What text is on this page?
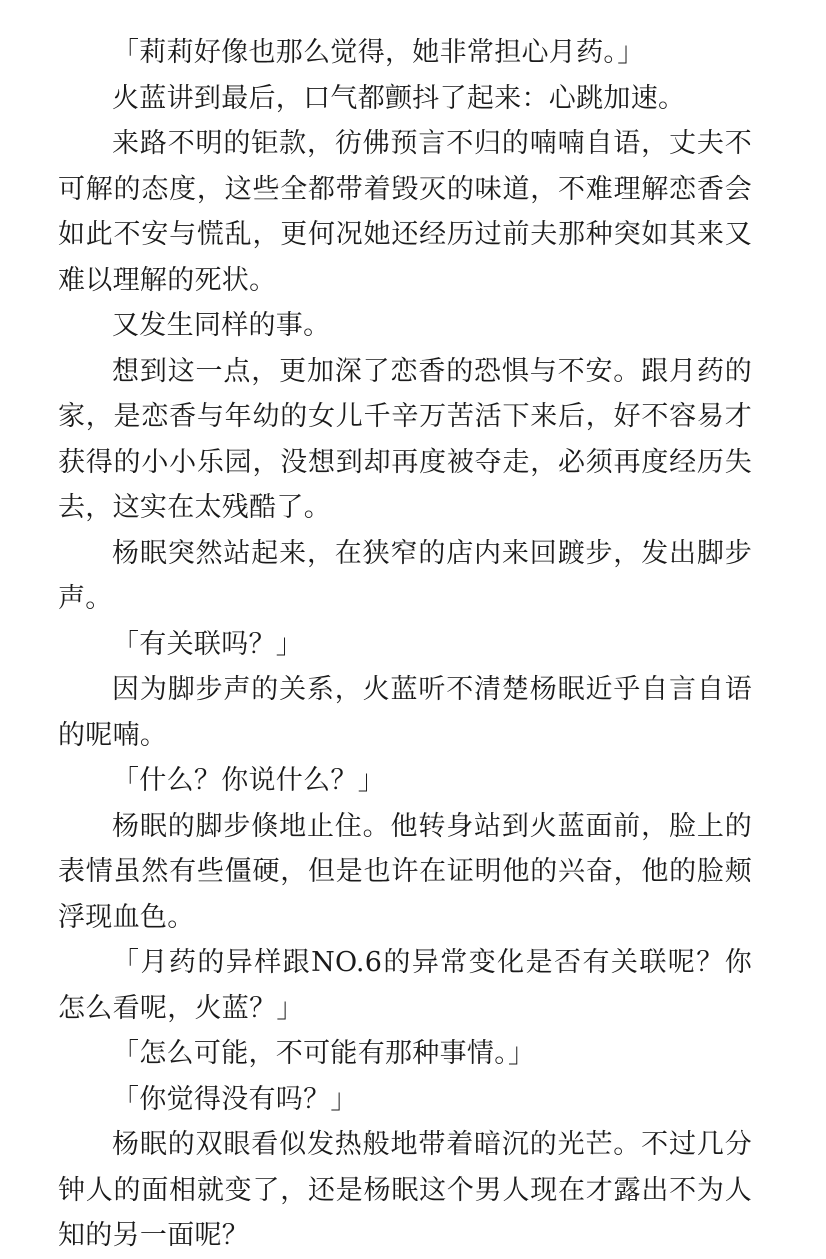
「莉莉好像也那么觉得，她非常担心月药。」

火蓝讲到最后，口气都颤抖了起来：心跳加速。

来路不明的钜款，彷佛预言不归的喃喃自语，丈夫不可解的态度，这些全都带着毁灭的味道，不难理解恋香会如此不安与慌乱，更何况她还经历过前夫那种突如其来又难以理解的死状。

又发生同样的事。

想到这一点，更加深了恋香的恐惧与不安。跟月药的家，是恋香与年幼的女儿千辛万苦活下来后，好不容易才获得的小小乐园，没想到却再度被夺走，必须再度经历失去，这实在太残酷了。

杨眠突然站起来，在狭窄的店内来回踱步，发出脚步声。

「有关联吗？」

因为脚步声的关系，火蓝听不清楚杨眠近乎自言自语的呢喃。

「什么？你说什么？」

杨眠的脚步倏地止住。他转身站到火蓝面前，脸上的表情虽然有些僵硬，但是也许在证明他的兴奋，他的脸颊浮现血色。

「月药的异样跟NO.6的异常变化是否有关联呢？你怎么看呢，火蓝？」

「怎么可能，不可能有那种事情。」

「你觉得没有吗？」

杨眠的双眼看似发热般地带着暗沉的光芒。不过几分钟人的面相就变了，还是杨眠这个男人现在才露出不为人知的另一面呢？
